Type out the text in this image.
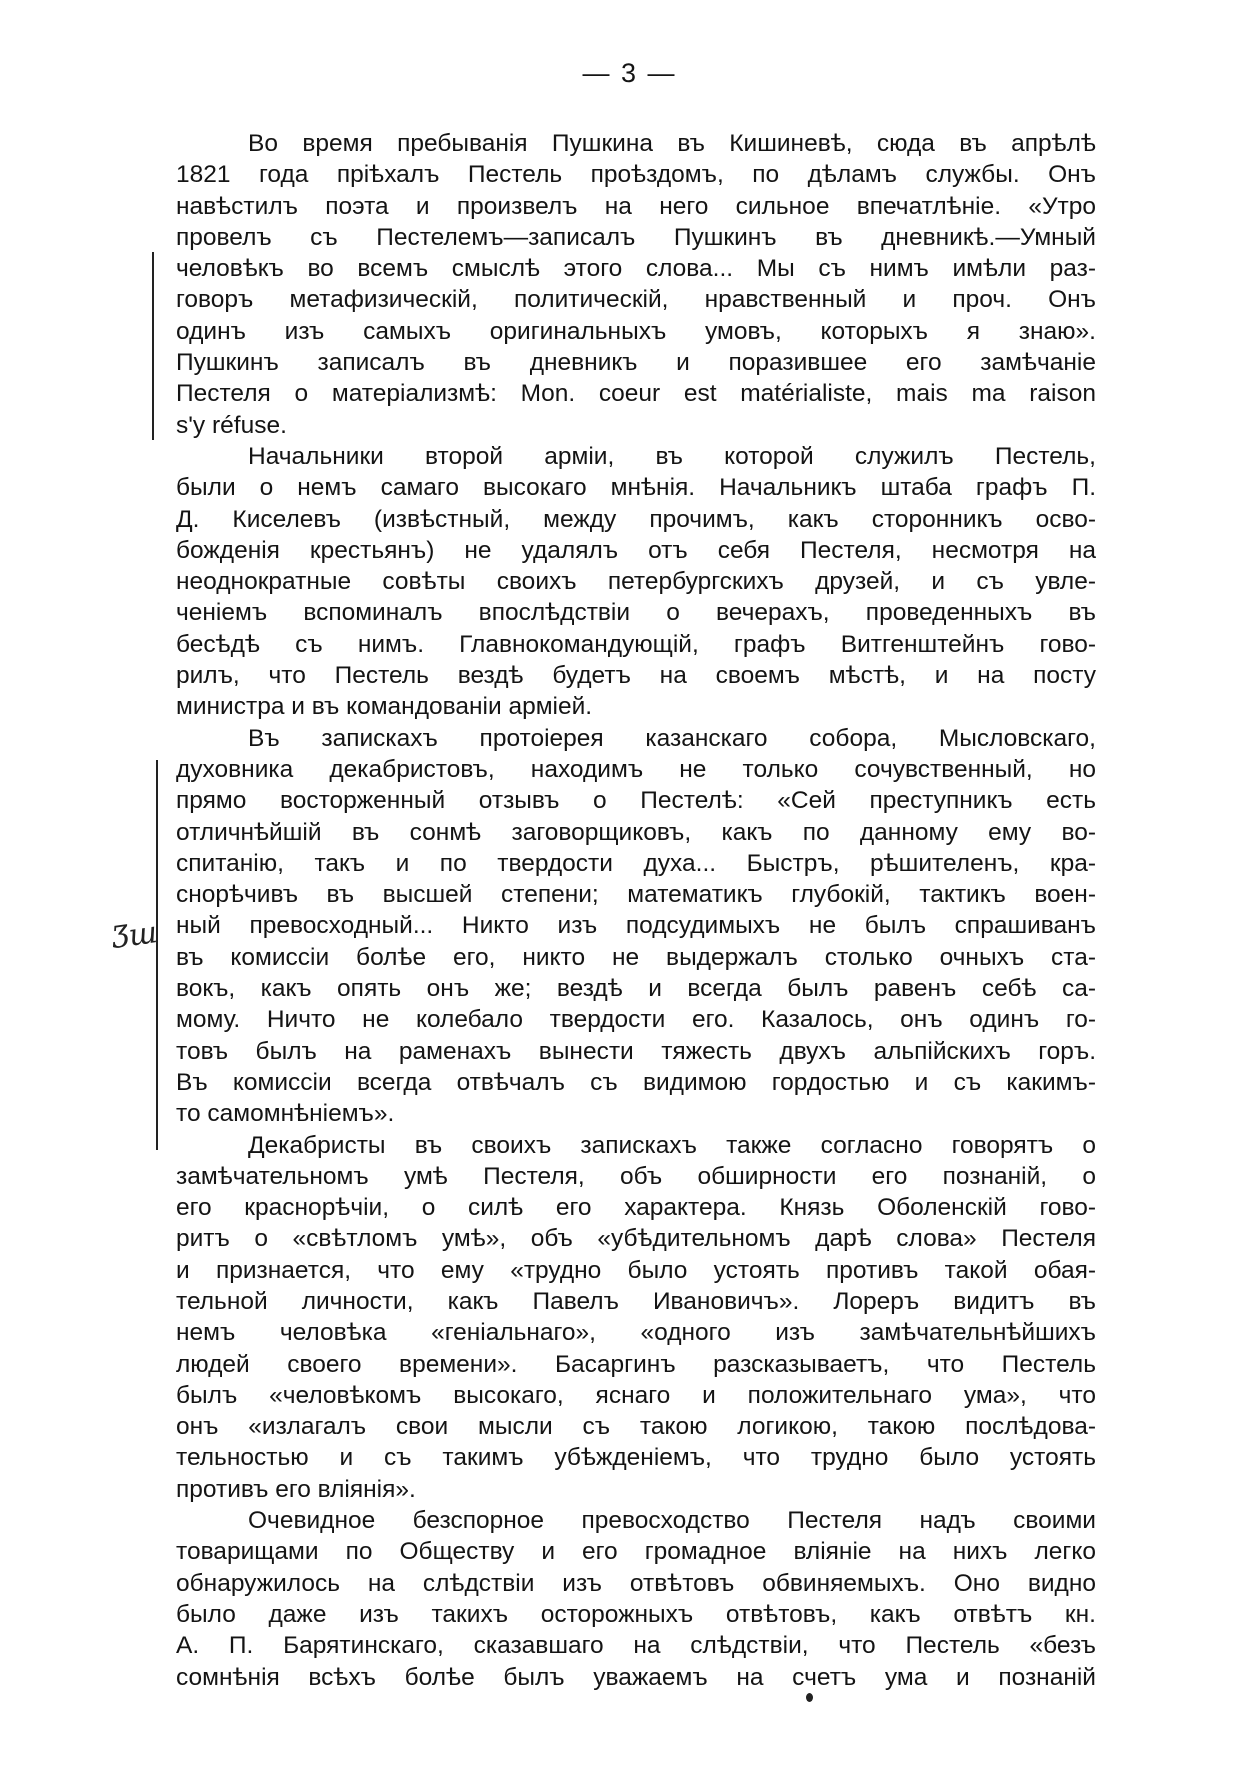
— 3 —
Во время пребыванія Пушкина въ Кишиневѣ, сюда въ апрѣлѣ
1821 года пріѣхалъ Пестель проѣздомъ, по дѣламъ службы. Онъ
навѣстилъ поэта и произвелъ на него сильное впечатлѣніе. «Утро
провелъ съ Пестелемъ—записалъ Пушкинъ въ дневникѣ.—Умный
человѣкъ во всемъ смыслѣ этого слова... Мы съ нимъ имѣли раз-
говоръ метафизическій, политическій, нравственный и проч. Онъ
одинъ изъ самыхъ оригинальныхъ умовъ, которыхъ я знаю».
Пушкинъ записалъ въ дневникъ и поразившее его замѣчаніе
Пестеля о матеріализмѣ: Mon. coeur est matérialiste, mais ma raison
s'y réfuse.
Начальники второй арміи, въ которой служилъ Пестель,
были о немъ самаго высокаго мнѣнія. Начальникъ штаба графъ П.
Д. Киселевъ (извѣстный, между прочимъ, какъ сторонникъ осво-
божденія крестьянъ) не удалялъ отъ себя Пестеля, несмотря на
неоднократные совѣты своихъ петербургскихъ друзей, и съ увле-
ченіемъ вспоминалъ впослѣдствіи о вечерахъ, проведенныхъ въ
бесѣдѣ съ нимъ. Главнокомандующій, графъ Витгенштейнъ гово-
рилъ, что Пестель вездѣ будетъ на своемъ мѣстѣ, и на посту
министра и въ командованіи арміей.
Въ запискахъ протоіерея казанскаго собора, Мысловскаго,
духовника декабристовъ, находимъ не только сочувственный, но
прямо восторженный отзывъ о Пестелѣ: «Сей преступникъ есть
отличнѣйшій въ сонмѣ заговорщиковъ, какъ по данному ему во-
спитанію, такъ и по твердости духа... Быстръ, рѣшителенъ, кра-
снорѣчивъ въ высшей степени; математикъ глубокій, тактикъ воен-
ный превосходный... Никто изъ подсудимыхъ не былъ спрашиванъ
въ комиссіи болѣе его, никто не выдержалъ столько очныхъ ста-
вокъ, какъ опять онъ же; вездѣ и всегда былъ равенъ себѣ са-
мому. Ничто не колебало твердости его. Казалось, онъ одинъ го-
товъ былъ на раменахъ вынести тяжесть двухъ альпійскихъ горъ.
Въ комиссіи всегда отвѣчалъ съ видимою гордостью и съ какимъ-
то самомнѣніемъ».
Декабристы въ своихъ запискахъ также согласно говорятъ о
замѣчательномъ умѣ Пестеля, объ обширности его познаній, о
его краснорѣчіи, о силѣ его характера. Князь Оболенскій гово-
ритъ о «свѣтломъ умѣ», объ «убѣдительномъ дарѣ слова» Пестеля
и признается, что ему «трудно было устоять противъ такой обая-
тельной личности, какъ Павелъ Ивановичъ». Лореръ видитъ въ
немъ человѣка «геніальнаго», «одного изъ замѣчательнѣйшихъ
людей своего времени». Басаргинъ разсказываетъ, что Пестель
былъ «человѣкомъ высокаго, яснаго и положительнаго ума», что
онъ «излагалъ свои мысли съ такою логикою, такою послѣдова-
тельностью и съ такимъ убѣжденіемъ, что трудно было устоять
противъ его вліянія».
Очевидное безспорное превосходство Пестеля надъ своими
товарищами по Обществу и его громадное вліяніе на нихъ легко
обнаружилось на слѣдствіи изъ отвѣтовъ обвиняемыхъ. Оно видно
было даже изъ такихъ осторожныхъ отвѣтовъ, какъ отвѣтъ кн.
А. П. Барятинскаго, сказавшаго на слѣдствіи, что Пестель «безъ
сомнѣнія всѣхъ болѣе былъ уважаемъ на счетъ ума и познаній
Ʒш
